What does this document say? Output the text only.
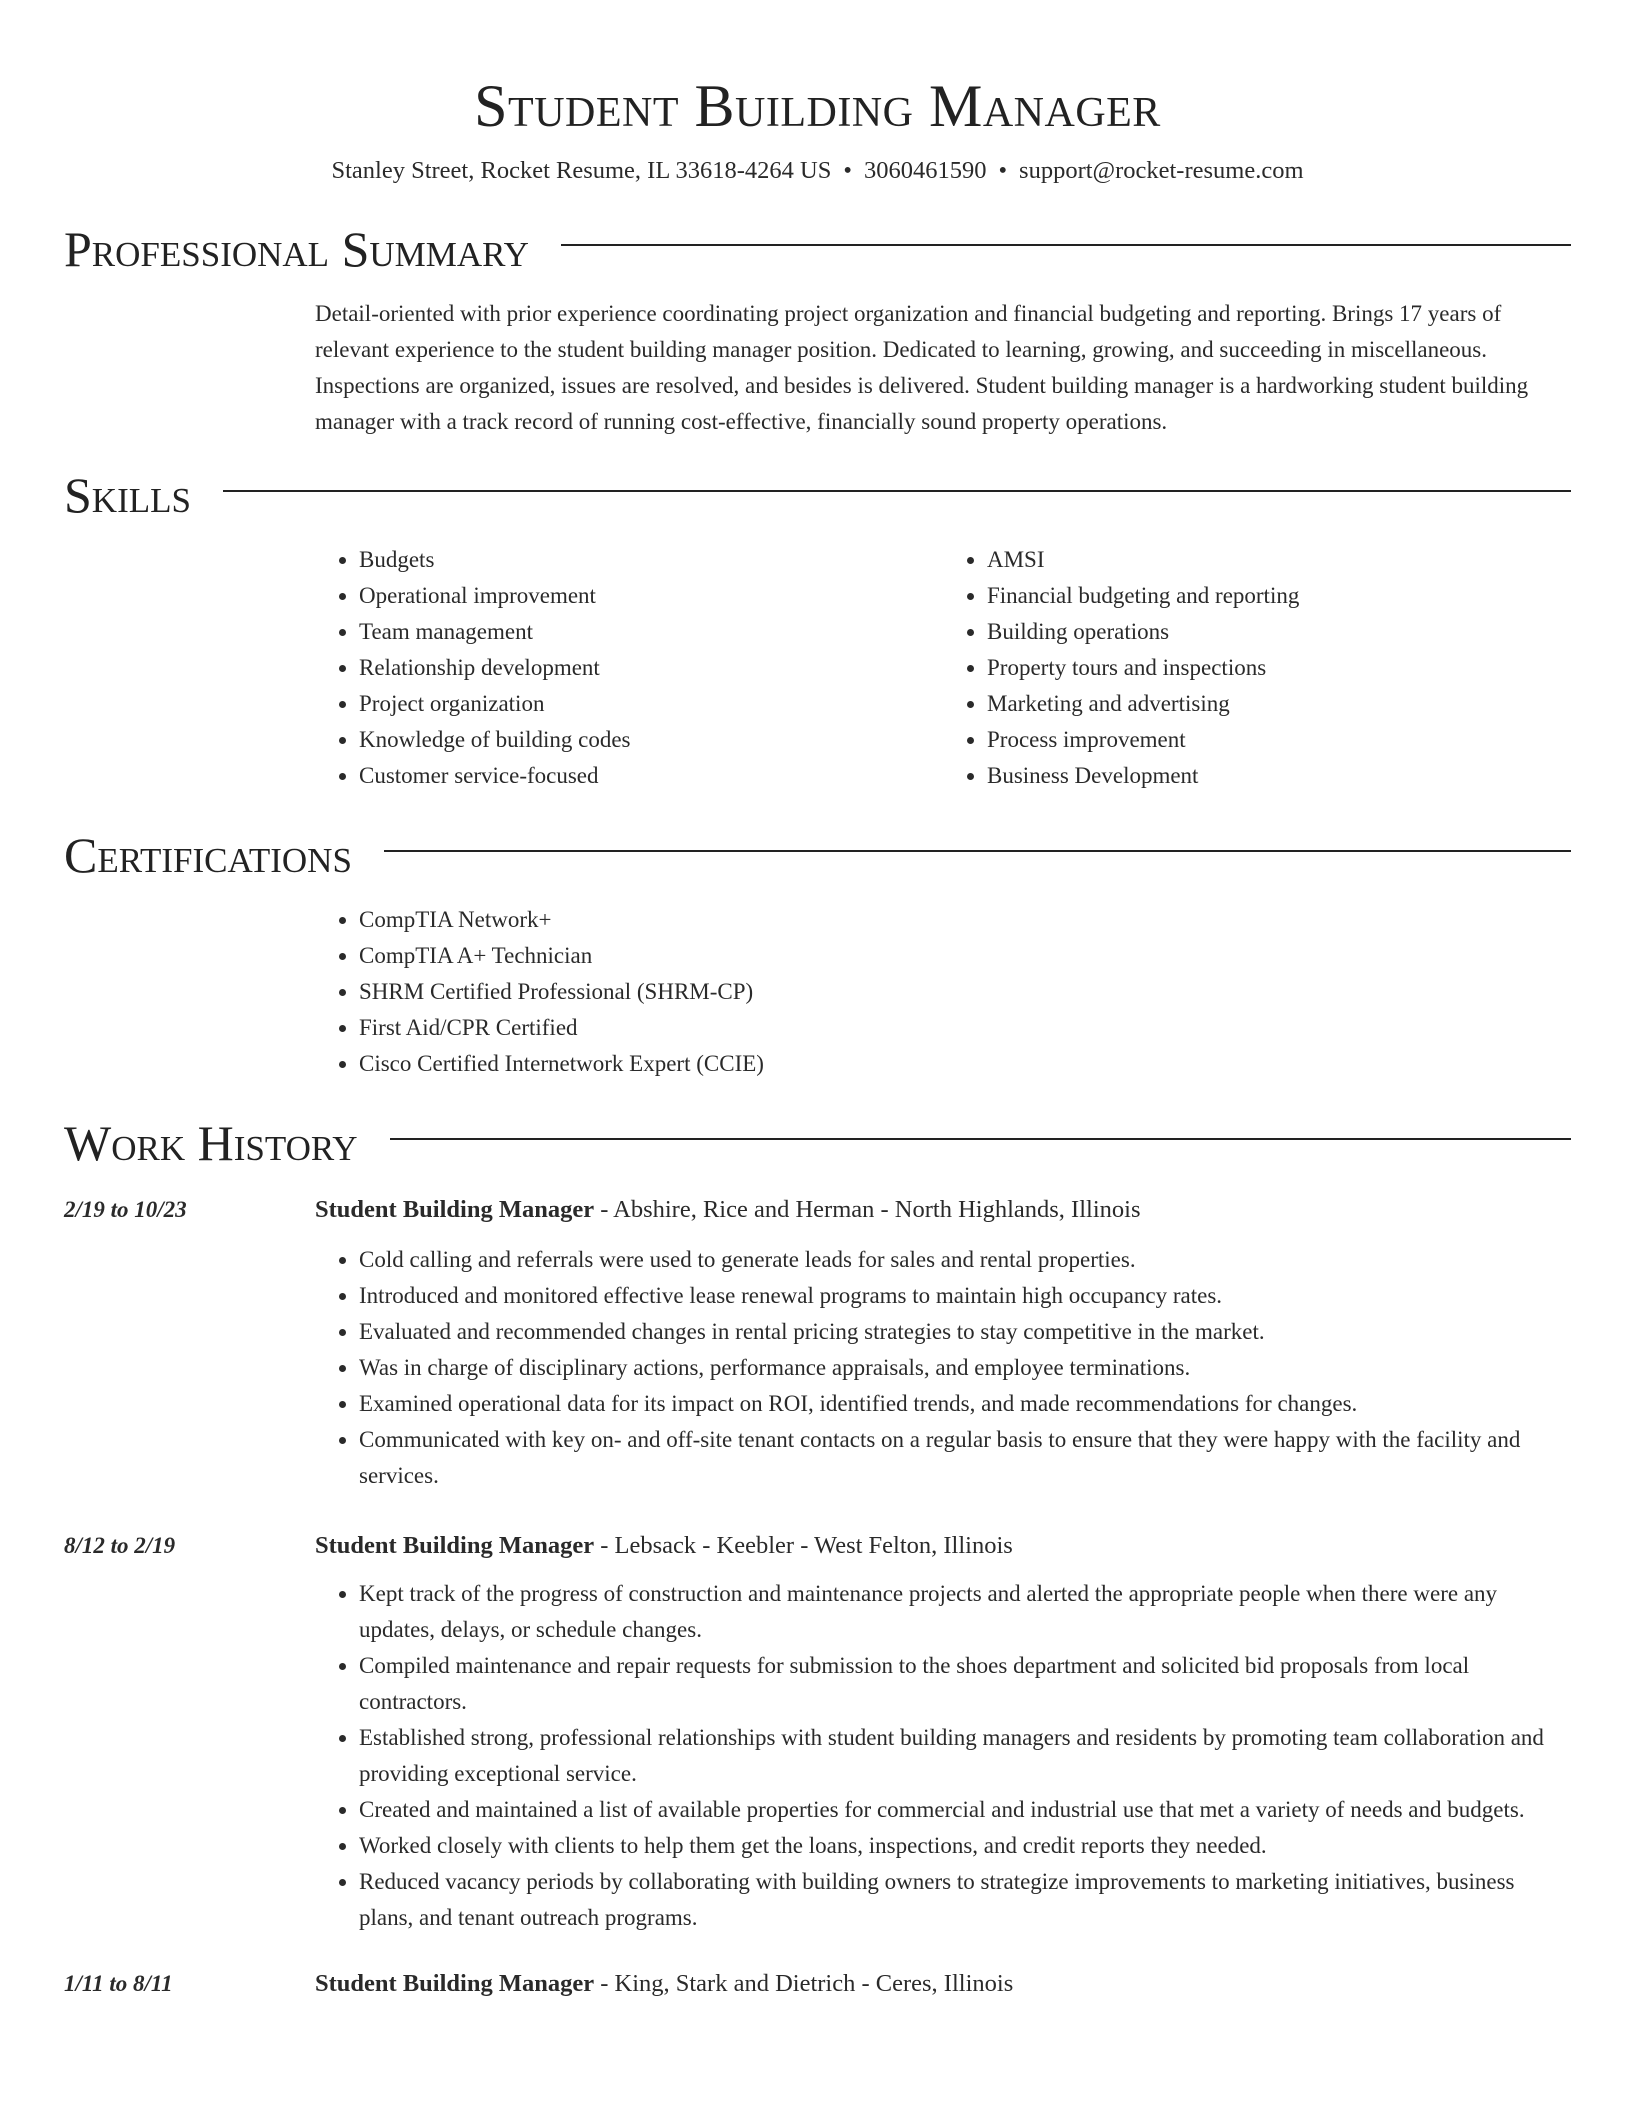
Student Building Manager
Stanley Street, Rocket Resume, IL 33618-4264 US • 3060461590 • support@rocket-resume.com
Professional Summary

Detail-oriented with prior experience coordinating project organization and financial budgeting and reporting. Brings 17 years of relevant experience to the student building manager position. Dedicated to learning, growing, and succeeding in miscellaneous. Inspections are organized, issues are resolved, and besides is delivered. Student building manager is a hardworking student building manager with a track record of running cost-effective, financially sound property operations.

Skills
• Budgets
• Operational improvement
• Team management
• Relationship development
• Project organization
• Knowledge of building codes
• Customer service-focused
• AMSI
• Financial budgeting and reporting
• Building operations
• Property tours and inspections
• Marketing and advertising
• Process improvement
• Business Development
Certifications
• CompTIA Network+
• CompTIA A+ Technician
• SHRM Certified Professional (SHRM-CP)
• First Aid/CPR Certified
• Cisco Certified Internetwork Expert (CCIE)
Work History
2/19 to 10/23	Student Building Manager - Abshire, Rice and Herman - North Highlands, Illinois
• Cold calling and referrals were used to generate leads for sales and rental properties.
• Introduced and monitored effective lease renewal programs to maintain high occupancy rates.
• Evaluated and recommended changes in rental pricing strategies to stay competitive in the market.
• Was in charge of disciplinary actions, performance appraisals, and employee terminations.
• Examined operational data for its impact on ROI, identified trends, and made recommendations for changes.
• Communicated with key on- and off-site tenant contacts on a regular basis to ensure that they were happy with the facility and services.
8/12 to 2/19	Student Building Manager - Lebsack - Keebler - West Felton, Illinois
• Kept track of the progress of construction and maintenance projects and alerted the appropriate people when there were any updates, delays, or schedule changes.
• Compiled maintenance and repair requests for submission to the shoes department and solicited bid proposals from local contractors.
• Established strong, professional relationships with student building managers and residents by promoting team collaboration and providing exceptional service.
• Created and maintained a list of available properties for commercial and industrial use that met a variety of needs and budgets.
• Worked closely with clients to help them get the loans, inspections, and credit reports they needed.
• Reduced vacancy periods by collaborating with building owners to strategize improvements to marketing initiatives, business plans, and tenant outreach programs.
1/11 to 8/11	Student Building Manager - King, Stark and Dietrich - Ceres, Illinois
